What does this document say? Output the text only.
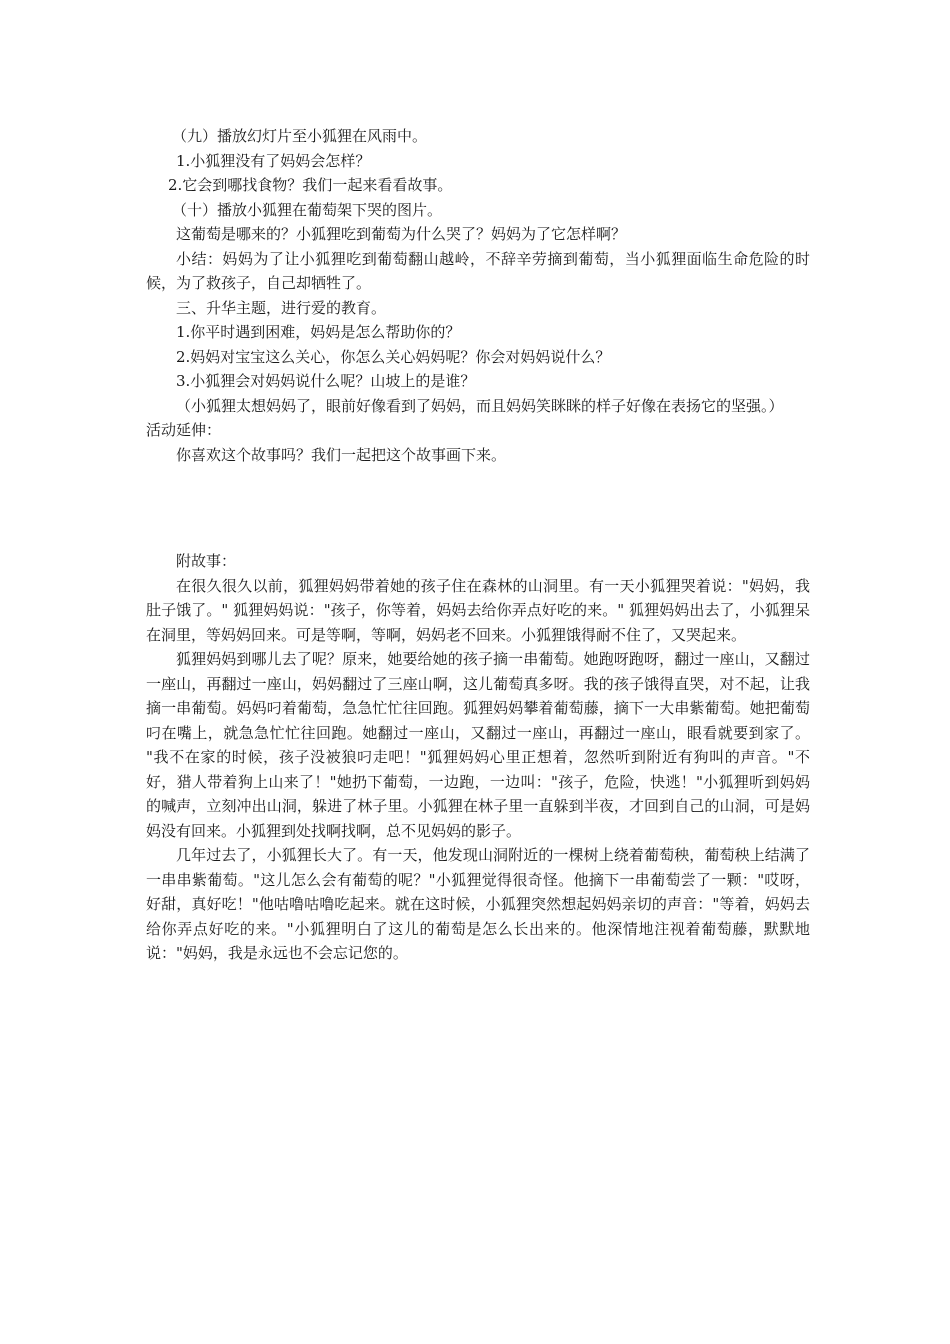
（九）播放幻灯片至小狐狸在风雨中。

1.小狐狸没有了妈妈会怎样？

2.它会到哪找食物？我们一起来看看故事。

（十）播放小狐狸在葡萄架下哭的图片。

这葡萄是哪来的？小狐狸吃到葡萄为什么哭了？妈妈为了它怎样啊？

小结：妈妈为了让小狐狸吃到葡萄翻山越岭，不辞辛劳摘到葡萄，当小狐狸面临生命危险的时候，为了救孩子，自己却牺牲了。

三、升华主题，进行爱的教育。

1.你平时遇到困难，妈妈是怎么帮助你的？

2.妈妈对宝宝这么关心，你怎么关心妈妈呢？你会对妈妈说什么？

3.小狐狸会对妈妈说什么呢？山坡上的是谁？

（小狐狸太想妈妈了，眼前好像看到了妈妈，而且妈妈笑眯眯的样子好像在表扬它的坚强。）

活动延伸：

你喜欢这个故事吗？我们一起把这个故事画下来。

附故事：

在很久很久以前，狐狸妈妈带着她的孩子住在森林的山洞里。有一天小狐狸哭着说："妈妈，我肚子饿了。" 狐狸妈妈说："孩子，你等着，妈妈去给你弄点好吃的来。" 狐狸妈妈出去了，小狐狸呆在洞里，等妈妈回来。可是等啊，等啊，妈妈老不回来。小狐狸饿得耐不住了，又哭起来。

狐狸妈妈到哪儿去了呢？原来，她要给她的孩子摘一串葡萄。她跑呀跑呀，翻过一座山，又翻过一座山，再翻过一座山，妈妈翻过了三座山啊，这儿葡萄真多呀。我的孩子饿得直哭，对不起，让我摘一串葡萄。妈妈叼着葡萄，急急忙忙往回跑。狐狸妈妈攀着葡萄藤，摘下一大串紫葡萄。她把葡萄叼在嘴上，就急急忙忙往回跑。她翻过一座山，又翻过一座山，再翻过一座山，眼看就要到家了。 "我不在家的时候，孩子没被狼叼走吧！"狐狸妈妈心里正想着，忽然听到附近有狗叫的声音。"不好，猎人带着狗上山来了！"她扔下葡萄，一边跑，一边叫："孩子，危险，快逃！"小狐狸听到妈妈的喊声，立刻冲出山洞，躲进了林子里。小狐狸在林子里一直躲到半夜，才回到自己的山洞，可是妈妈没有回来。小狐狸到处找啊找啊，总不见妈妈的影子。

几年过去了，小狐狸长大了。有一天，他发现山洞附近的一棵树上绕着葡萄秧，葡萄秧上结满了一串串紫葡萄。"这儿怎么会有葡萄的呢？"小狐狸觉得很奇怪。他摘下一串葡萄尝了一颗："哎呀，好甜，真好吃！"他咕噜咕噜吃起来。就在这时候，小狐狸突然想起妈妈亲切的声音："等着，妈妈去给你弄点好吃的来。"小狐狸明白了这儿的葡萄是怎么长出来的。他深情地注视着葡萄藤，默默地说："妈妈，我是永远也不会忘记您的。
